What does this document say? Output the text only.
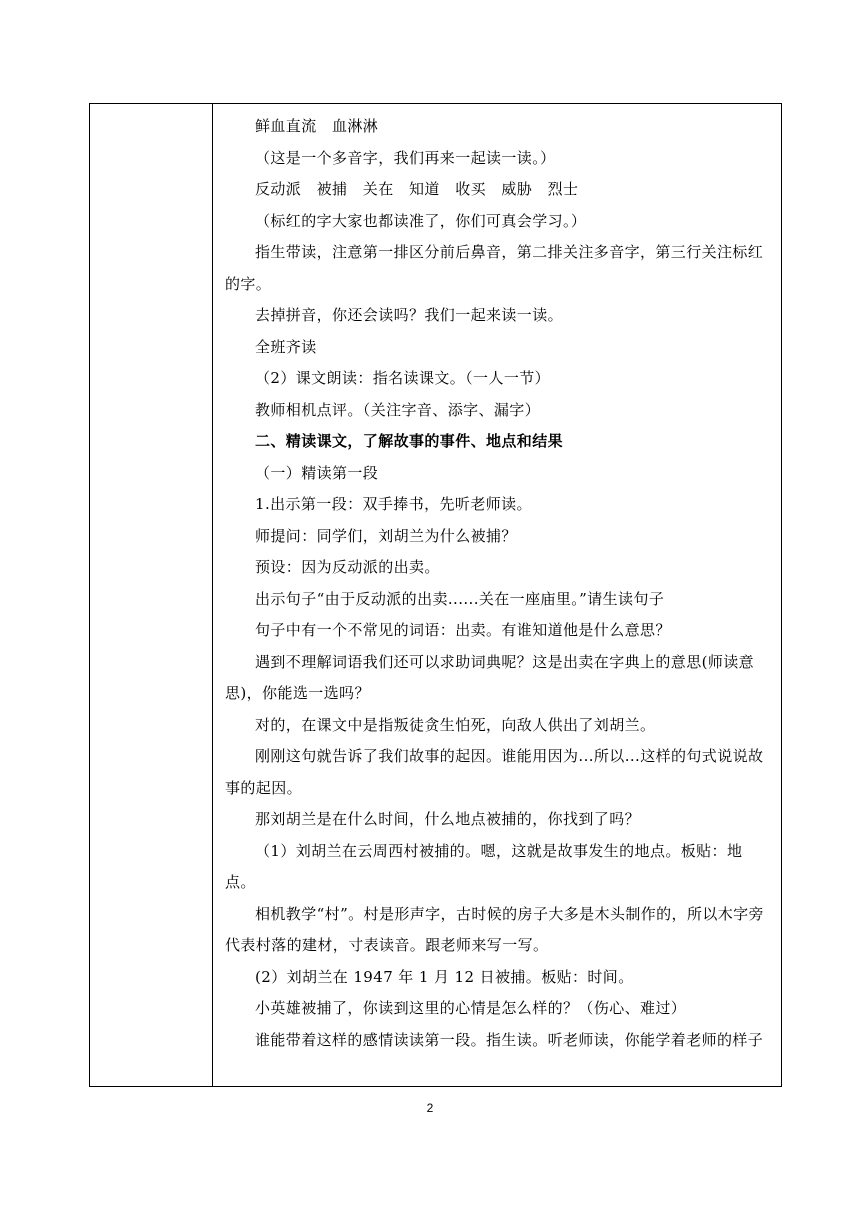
鲜血直流　血淋淋

（这是一个多音字，我们再来一起读一读。）

反动派　被捕　关在　知道　收买　威胁　烈士

（标红的字大家也都读准了，你们可真会学习。）

指生带读，注意第一排区分前后鼻音，第二排关注多音字，第三行关注标红的字。

去掉拼音，你还会读吗？我们一起来读一读。

全班齐读

（2）课文朗读：指名读课文。（一人一节）

教师相机点评。（关注字音、添字、漏字）

二、精读课文，了解故事的事件、地点和结果

（一）精读第一段

1.出示第一段：双手捧书，先听老师读。

师提问：同学们，刘胡兰为什么被捕？

预设：因为反动派的出卖。

出示句子“由于反动派的出卖......关在一座庙里。”请生读句子

句子中有一个不常见的词语：出卖。有谁知道他是什么意思？

遇到不理解词语我们还可以求助词典呢？这是出卖在字典上的意思(师读意思)，你能选一选吗？

对的，在课文中是指叛徒贪生怕死，向敌人供出了刘胡兰。

刚刚这句就告诉了我们故事的起因。谁能用因为...所以...这样的句式说说故事的起因。

那刘胡兰是在什么时间，什么地点被捕的，你找到了吗？

（1）刘胡兰在云周西村被捕的。嗯，这就是故事发生的地点。板贴：地点。

相机教学“村”。村是形声字，古时候的房子大多是木头制作的，所以木字旁代表村落的建材，寸表读音。跟老师来写一写。

(2）刘胡兰在 1947 年 1 月 12 日被捕。板贴：时间。

小英雄被捕了，你读到这里的心情是怎么样的？（伤心、难过）

谁能带着这样的感情读读第一段。指生读。听老师读，你能学着老师的样子

2
